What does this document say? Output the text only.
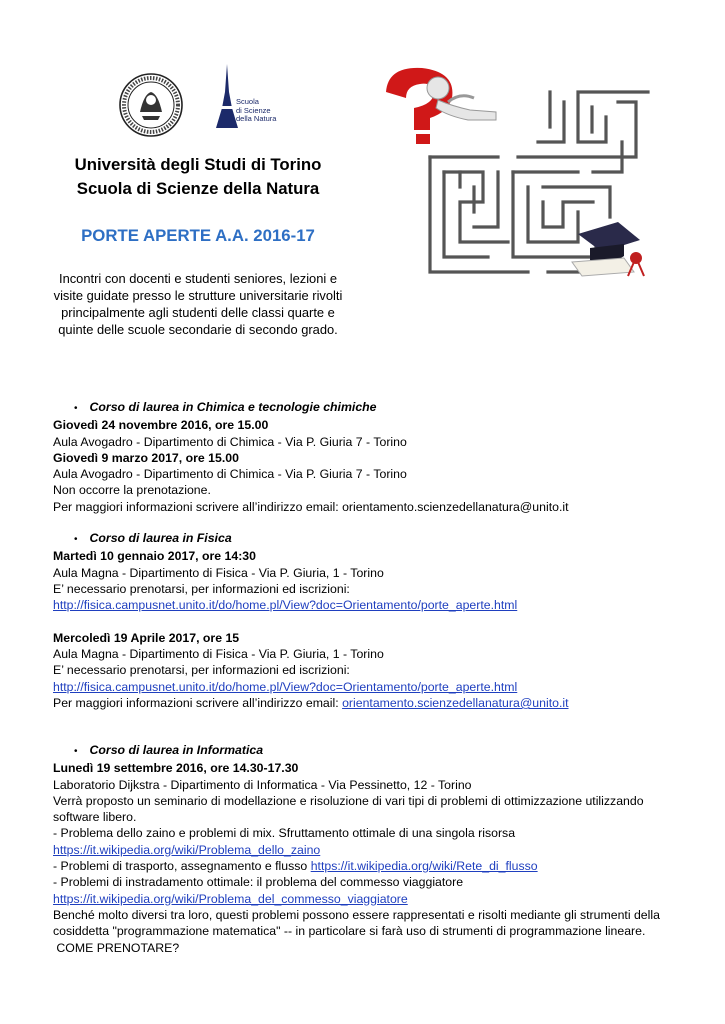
Scuola
di Scienze
della Natura
Università degli Studi di Torino
Scuola di Scienze della Natura
PORTE APERTE A.A. 2016-17
Incontri con docenti e studenti seniores, lezioni e
visite guidate presso le strutture universitarie rivolti
principalmente agli studenti delle classi quarte e
quinte delle scuole secondarie di secondo grado.
• Corso di laurea in Chimica e tecnologie chimiche
Giovedì 24 novembre 2016, ore 15.00
Aula Avogadro - Dipartimento di Chimica - Via P. Giuria 7 - Torino
Giovedì 9 marzo 2017, ore 15.00
Aula Avogadro - Dipartimento di Chimica - Via P. Giuria 7 - Torino
Non occorre la prenotazione.
Per maggiori informazioni scrivere all’indirizzo email: orientamento.scienzedellanatura@unito.it
• Corso di laurea in Fisica
Martedì 10 gennaio 2017, ore 14:30
Aula Magna - Dipartimento di Fisica - Via P. Giuria, 1 - Torino
E’ necessario prenotarsi, per informazioni ed iscrizioni:
http://fisica.campusnet.unito.it/do/home.pl/View?doc=Orientamento/porte_aperte.html
Mercoledì 19 Aprile 2017, ore 15
Aula Magna - Dipartimento di Fisica - Via P. Giuria, 1 - Torino
E’ necessario prenotarsi, per informazioni ed iscrizioni:
http://fisica.campusnet.unito.it/do/home.pl/View?doc=Orientamento/porte_aperte.html
Per maggiori informazioni scrivere all’indirizzo email: orientamento.scienzedellanatura@unito.it
• Corso di laurea in Informatica
Lunedì 19 settembre 2016, ore 14.30-17.30
Laboratorio Dijkstra - Dipartimento di Informatica - Via Pessinetto, 12 - Torino
Verrà proposto un seminario di modellazione e risoluzione di vari tipi di problemi di ottimizzazione utilizzando
software libero.
- Problema dello zaino e problemi di mix. Sfruttamento ottimale di una singola risorsa
https://it.wikipedia.org/wiki/Problema_dello_zaino
- Problemi di trasporto, assegnamento e flusso https://it.wikipedia.org/wiki/Rete_di_flusso
- Problemi di instradamento ottimale: il problema del commesso viaggiatore
https://it.wikipedia.org/wiki/Problema_del_commesso_viaggiatore
Benché molto diversi tra loro, questi problemi possono essere rappresentati e risolti mediante gli strumenti della
cosiddetta "programmazione matematica" -- in particolare si farà uso di strumenti di programmazione lineare.
COME PRENOTARE?
